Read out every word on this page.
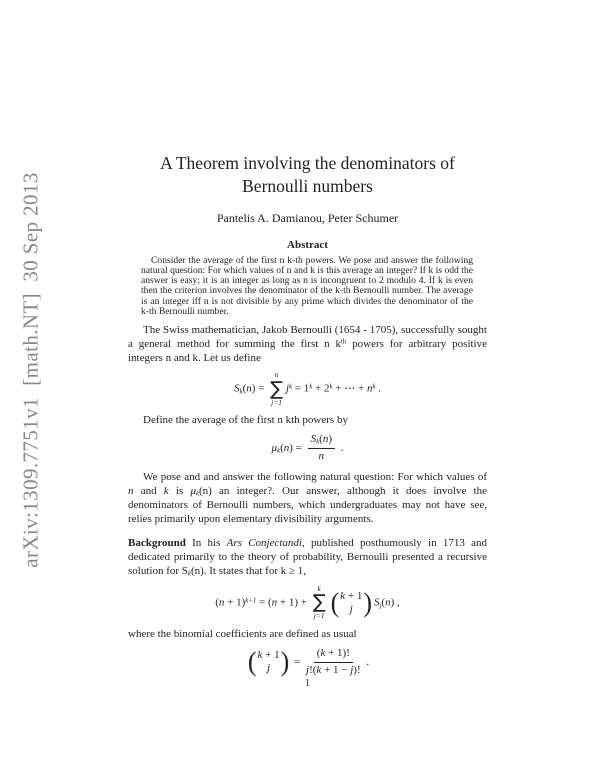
arXiv:1309.7751v1  [math.NT]  30 Sep 2013
A Theorem involving the denominators of
Bernoulli numbers
Pantelis A. Damianou, Peter Schumer
Abstract
Consider the average of the first n k-th powers. We pose and answer the following natural question: For which values of n and k is this average an integer? If k is odd the answer is easy; it is an integer as long as n is incongruent to 2 modulo 4. If k is even then the criterion involves the denominator of the k-th Bernoulli number. The average is an integer iff n is not divisible by any prime which divides the denominator of the k-th Bernoulli number.

The Swiss mathematician, Jakob Bernoulli (1654 - 1705), successfully sought a general method for summing the first n $k^{th}$ powers for arbitrary positive integers n and k. Let us define

Sk(n) =
n
∑
j=1
$j^k = 1^k + 2^k$ + ⋯ + $n^k$ .

Define the average of the first n kth powers by

$\mu k(n) = \frac{Sk(n)}{n}$ .

We pose and and answer the following natural question: For which values of n and k is μk(n) an integer?. Our answer, although it does involve the denominators of Bernoulli numbers, which undergraduates may not have see, relies primarily upon elementary divisibility arguments.

Background In his Ars Conjectandi, published posthumously in 1713 and dedicated primarily to the theory of probability, Bernoulli presented a recursive solution for Sk(n). It states that for k ≥ 1,

$(n + 1)^{k+1} = (n + 1)$ +
k
∑
j=1 ( k + 1
j ) Sj(n) ,

where the binomial coefficients are defined as usual

( k + 1
j ) = $\frac{(k + 1)!}{j!(k + 1 - j)!}$ .
1
